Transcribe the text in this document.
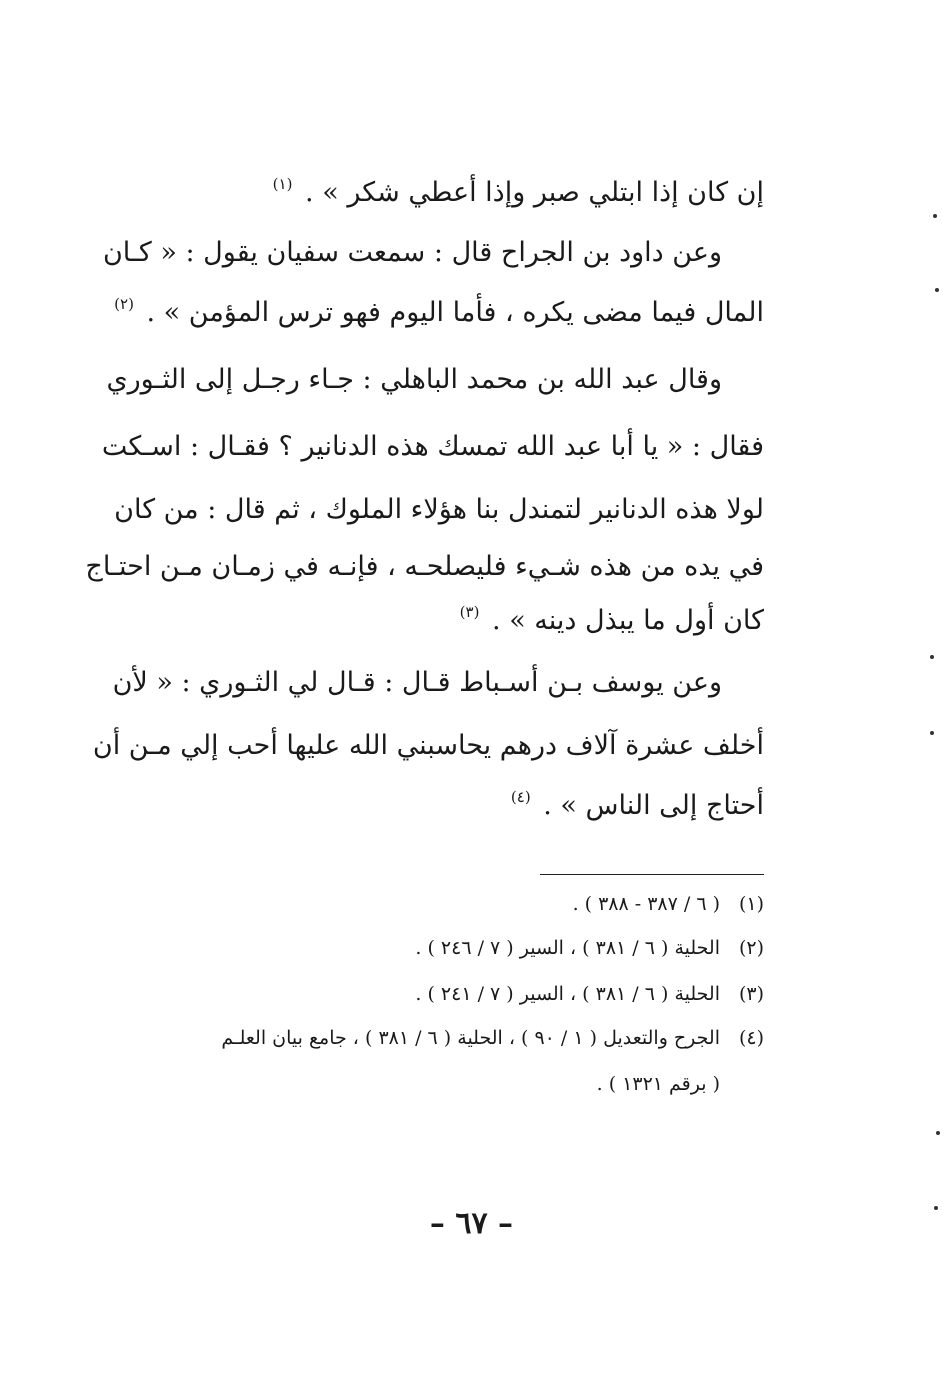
إن كان إذا ابتلي صبر وإذا أعطي شكر » . $^{(١)}$
وعن داود بن الجراح قال : سمعت سفيان يقول : « كـان
المال فيما مضى يكره ، فأما اليوم فهو ترس المؤمن » . $^{(٢)}$
وقال عبد الله بن محمد الباهلي : جـاء رجـل إلى الثـوري
فقال : « يا أبا عبد الله تمسك هذه الدنانير ؟ فقـال : اسـكت
لولا هذه الدنانير لتمندل بنا هؤلاء الملوك ، ثم قال : من كان
في يده من هذه شـيء فليصلحـه ، فإنـه في زمـان مـن احتـاج
كان أول ما يبذل دينه » . $^{(٣)}$
وعن يوسف بـن أسـباط قـال : قـال لي الثـوري : « لأن
أخلف عشرة آلاف درهم يحاسبني الله عليها أحب إلي مـن أن
أحتاج إلى الناس » . $^{(٤)}$
(١)( ٦ / ٣٨٧ - ٣٨٨ ) .
(٢)الحلية ( ٦ / ٣٨١ ) ، السير ( ٧ / ٢٤٦ ) .
(٣)الحلية ( ٦ / ٣٨١ ) ، السير ( ٧ / ٢٤١ ) .
(٤)الجرح والتعديل ( ١ / ٩٠ ) ، الحلية ( ٦ / ٣٨١ ) ، جامع بيان العلـم
( برقم ١٣٢١ ) .
– ٦٧ –
